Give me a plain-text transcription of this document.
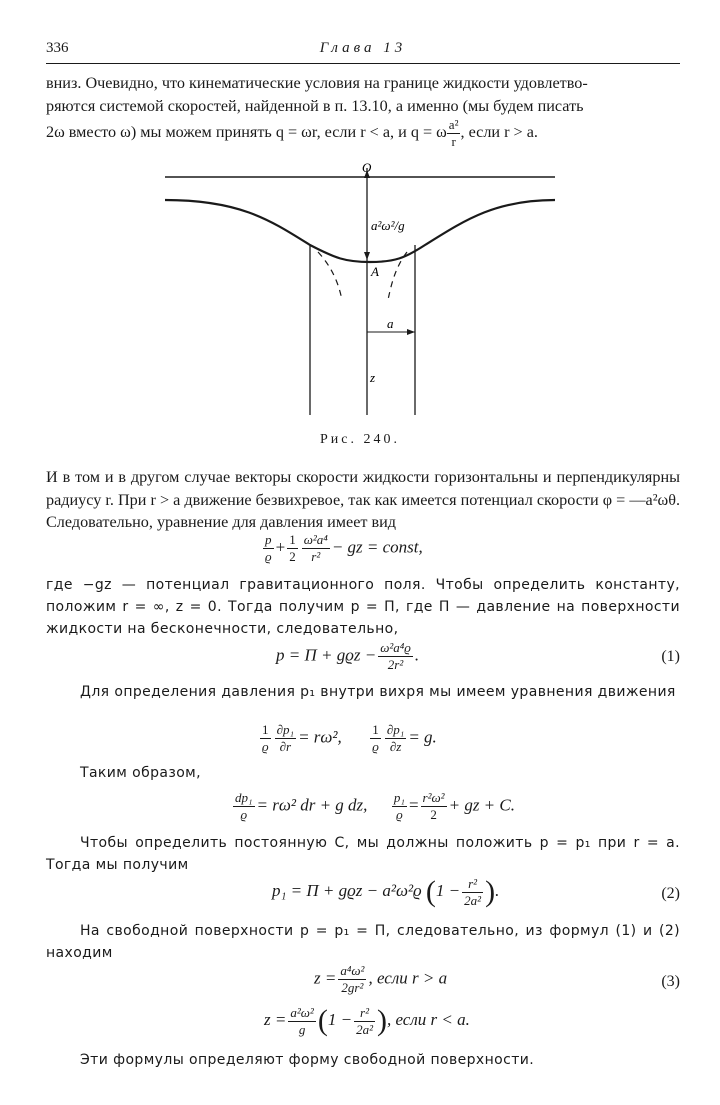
336	Глава 13

вниз. Очевидно, что кинематические условия на границе жидкости удовлетво-
ряются системой скоростей, найденной в п. 13.10, а именно (мы будем писать
2ω вместо ω) мы можем принять q = ωr, если r < a, и q = ω $\frac{\text{a²}}{r}$ , если r > a.

O
a²ω²/g
A
a
z
Рис. 240.

И в том и в другом случае векторы скорости жидкости горизонтальны и перпендикулярны радиусу r. При r > a движение безвихревое, так как имеется потенциал скорости φ = —a²ωθ. Следовательно, уравнение для давления имеет вид

$\frac{p}{ϱ} + \frac{1}{2} \frac{\text{ω²a⁴}}{\text{r²}}$ − gz = const,

где −gz — потенциал гравитационного поля. Чтобы определить константу, положим r = ∞, z = 0. Тогда получим p = Π, где Π — давление на поверхности жидкости на бесконечности, следовательно,

$p = \Pi + gϱz - \frac{\text{ω²a⁴ϱ}}{\text{2r²}}$ .	(1)

Для определения давления p₁ внутри вихря мы имеем уравнения движения

$\frac{1}{ϱ} \frac{\text{∂p₁}}{\partial r} = r\omega^2$, $\frac{1}{ϱ} \frac{\text{∂p₁}}{\partial z} = g$.

Таким образом,

$\frac{\text{dp₁}}{ϱ} = r\omega^2$ dr + g dz, $\frac{\text{p₁}}{ϱ} = \frac{\text{r²ω²}}{2}$ + gz + C.

Чтобы определить постоянную C, мы должны положить p = p₁ при r = a. Тогда мы получим

p₁ = Π + gϱz − a²ω²ϱ ($1 - \frac{\text{r²}}{\text{2a²}}$ ).	(2)

На свободной поверхности p = p₁ = Π, следовательно, из формул (1) и (2) находим

$z = \frac{\text{a⁴ω²}}{\text{2gr²}}$ , если r > a	(3)
$z = \frac{\text{a²ω²}}{g} (1 - \frac{\text{r²}}{\text{2a²}}$ ), если r < a.

Эти формулы определяют форму свободной поверхности.
